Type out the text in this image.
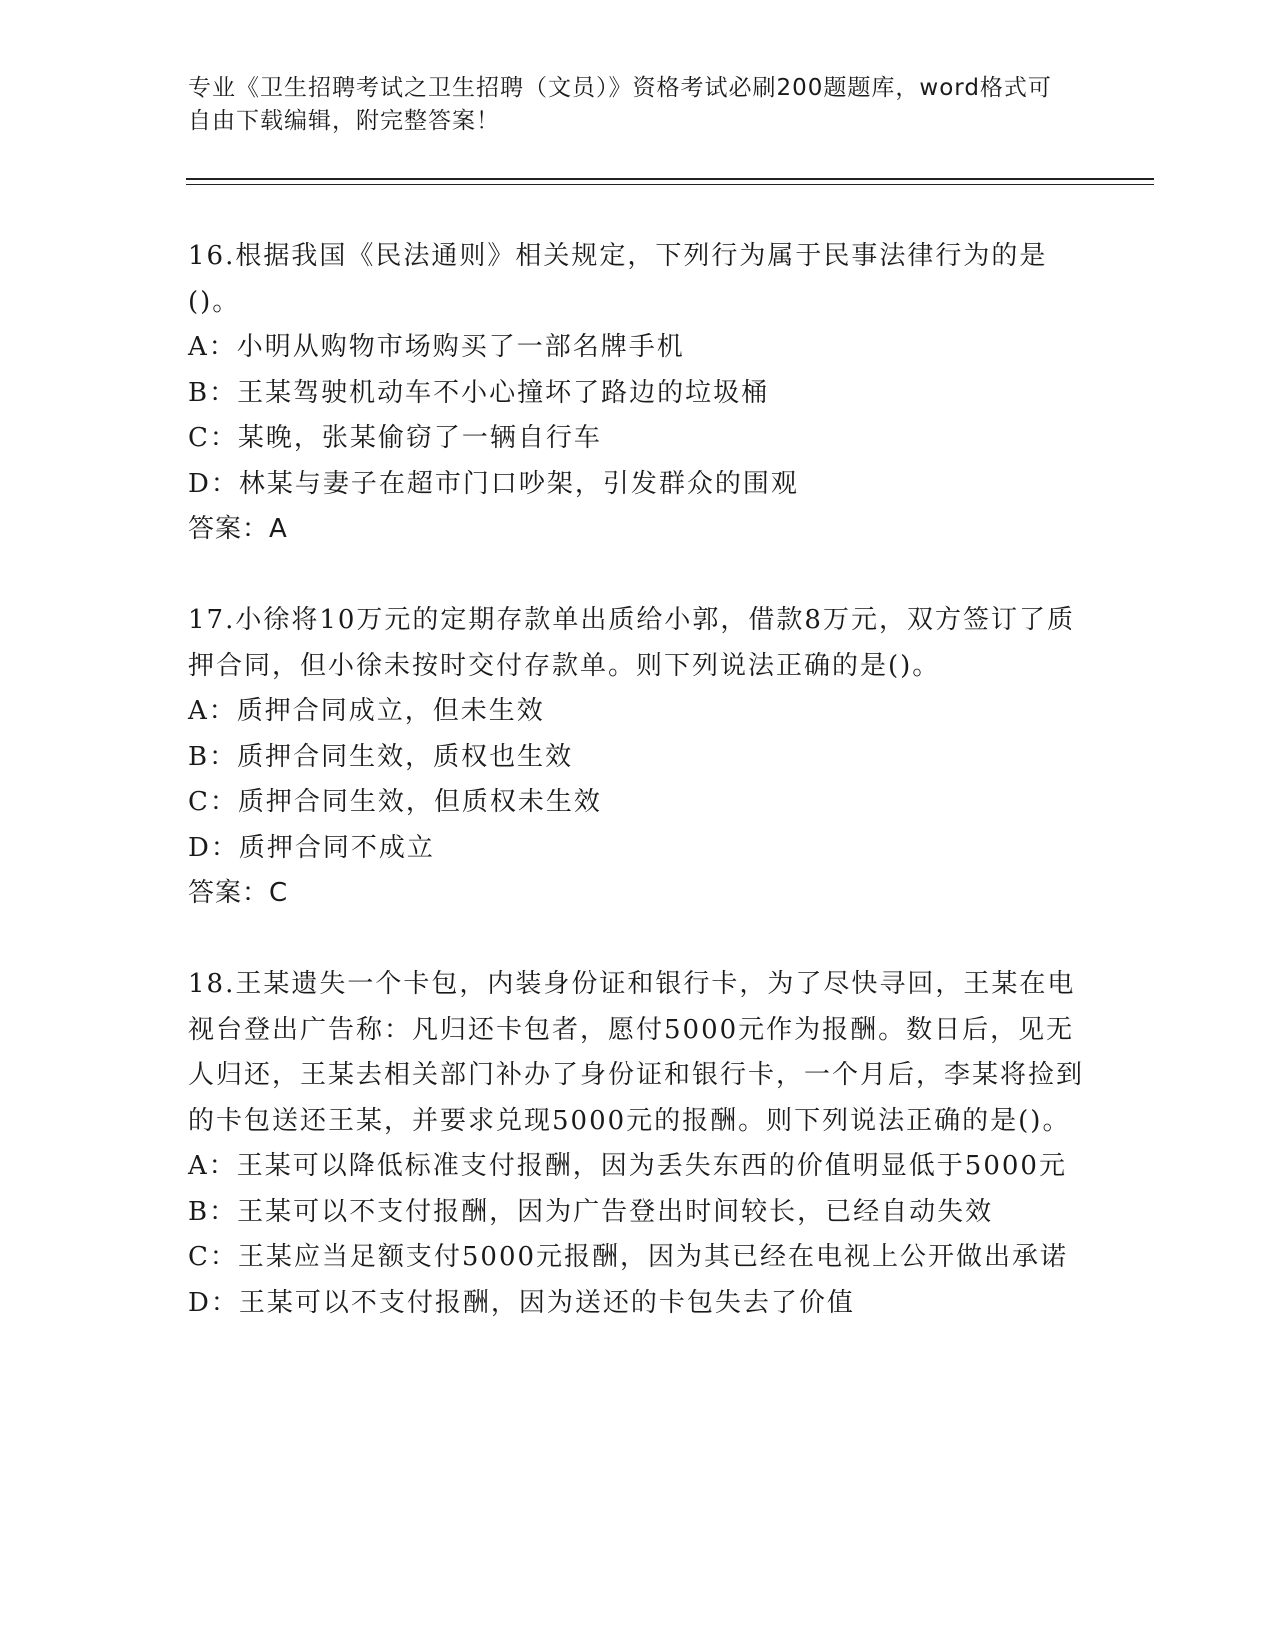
专业《卫生招聘考试之卫生招聘（文员）》资格考试必刷200题题库，word格式可自由下载编辑，附完整答案！
16.根据我国《民法通则》相关规定，下列行为属于民事法律行为的是()。
A：小明从购物市场购买了一部名牌手机
B：王某驾驶机动车不小心撞坏了路边的垃圾桶
C：某晚，张某偷窃了一辆自行车
D：林某与妻子在超市门口吵架，引发群众的围观
答案：A
17.小徐将10万元的定期存款单出质给小郭，借款8万元，双方签订了质押合同，但小徐未按时交付存款单。则下列说法正确的是()。
A：质押合同成立，但未生效
B：质押合同生效，质权也生效
C：质押合同生效，但质权未生效
D：质押合同不成立
答案：C
18.王某遗失一个卡包，内装身份证和银行卡，为了尽快寻回，王某在电视台登出广告称：凡归还卡包者，愿付5000元作为报酬。数日后，见无人归还，王某去相关部门补办了身份证和银行卡，一个月后，李某将捡到的卡包送还王某，并要求兑现5000元的报酬。则下列说法正确的是()。
A：王某可以降低标准支付报酬，因为丢失东西的价值明显低于5000元
B：王某可以不支付报酬，因为广告登出时间较长，已经自动失效
C：王某应当足额支付5000元报酬，因为其已经在电视上公开做出承诺
D：王某可以不支付报酬，因为送还的卡包失去了价值
